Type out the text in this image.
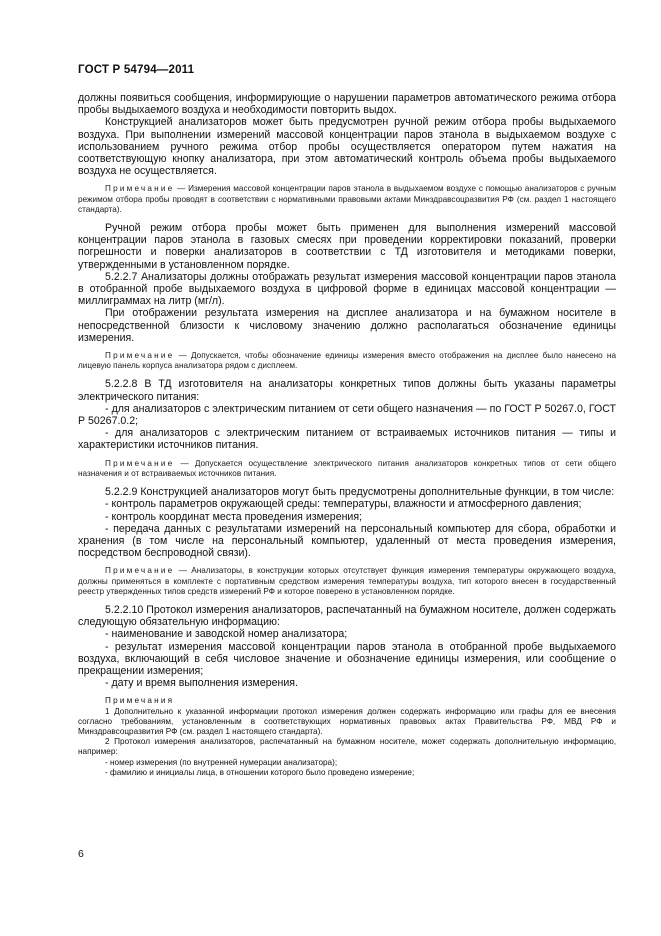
ГОСТ Р 54794—2011

должны появиться сообщения, информирующие о нарушении параметров автоматического режима отбора пробы выдыхаемого воздуха и необходимости повторить выдох.

Конструкцией анализаторов может быть предусмотрен ручной режим отбора пробы выдыхаемого воздуха. При выполнении измерений массовой концентрации паров этанола в выдыхаемом воздухе с использованием ручного режима отбор пробы осуществляется оператором путем нажатия на соответствующую кнопку анализатора, при этом автоматический контроль объема пробы выдыхаемого воздуха не осуществляется.

Примечание — Измерения массовой концентрации паров этанола в выдыхаемом воздухе с помощью анализаторов с ручным режимом отбора пробы проводят в соответствии с нормативными правовыми актами Минздравсоцразвития РФ (см. раздел 1 настоящего стандарта).

Ручной режим отбора пробы может быть применен для выполнения измерений массовой концентрации паров этанола в газовых смесях при проведении корректировки показаний, проверки погрешности и поверки анализаторов в соответствии с ТД изготовителя и методиками поверки, утвержденными в установленном порядке.

5.2.2.7 Анализаторы должны отображать результат измерения массовой концентрации паров этанола в отобранной пробе выдыхаемого воздуха в цифровой форме в единицах массовой концентрации — миллиграммах на литр (мг/л).

При отображении результата измерения на дисплее анализатора и на бумажном носителе в непосредственной близости к числовому значению должно располагаться обозначение единицы измерения.

Примечание — Допускается, чтобы обозначение единицы измерения вместо отображения на дисплее было нанесено на лицевую панель корпуса анализатора рядом с дисплеем.

5.2.2.8 В ТД изготовителя на анализаторы конкретных типов должны быть указаны параметры электрического питания:

- для анализаторов с электрическим питанием от сети общего назначения — по ГОСТ Р 50267.0, ГОСТ Р 50267.0.2;

- для анализаторов с электрическим питанием от встраиваемых источников питания — типы и характеристики источников питания.

Примечание — Допускается осуществление электрического питания анализаторов конкретных типов от сети общего назначения и от встраиваемых источников питания.

5.2.2.9 Конструкцией анализаторов могут быть предусмотрены дополнительные функции, в том числе:

- контроль параметров окружающей среды: температуры, влажности и атмосферного давления;

- контроль координат места проведения измерения;

- передача данных с результатами измерений на персональный компьютер для сбора, обработки и хранения (в том числе на персональный компьютер, удаленный от места проведения измерения, посредством беспроводной связи).

Примечание — Анализаторы, в конструкции которых отсутствует функция измерения температуры окружающего воздуха, должны применяться в комплекте с портативным средством измерения температуры воздуха, тип которого внесен в государственный реестр утвержденных типов средств измерений РФ и которое поверено в установленном порядке.

5.2.2.10 Протокол измерения анализаторов, распечатанный на бумажном носителе, должен содержать следующую обязательную информацию:

- наименование и заводской номер анализатора;

- результат измерения массовой концентрации паров этанола в отобранной пробе выдыхаемого воздуха, включающий в себя числовое значение и обозначение единицы измерения, или сообщение о прекращении измерения;

- дату и время выполнения измерения.

Примечания

1 Дополнительно к указанной информации протокол измерения должен содержать информацию или графы для ее внесения согласно требованиям, установленным в соответствующих нормативных правовых актах Правительства РФ, МВД РФ и Минздравсоцразвития РФ (см. раздел 1 настоящего стандарта).

2 Протокол измерения анализаторов, распечатанный на бумажном носителе, может содержать дополнительную информацию, например:

- номер измерения (по внутренней нумерации анализатора);

- фамилию и инициалы лица, в отношении которого было проведено измерение;

6
